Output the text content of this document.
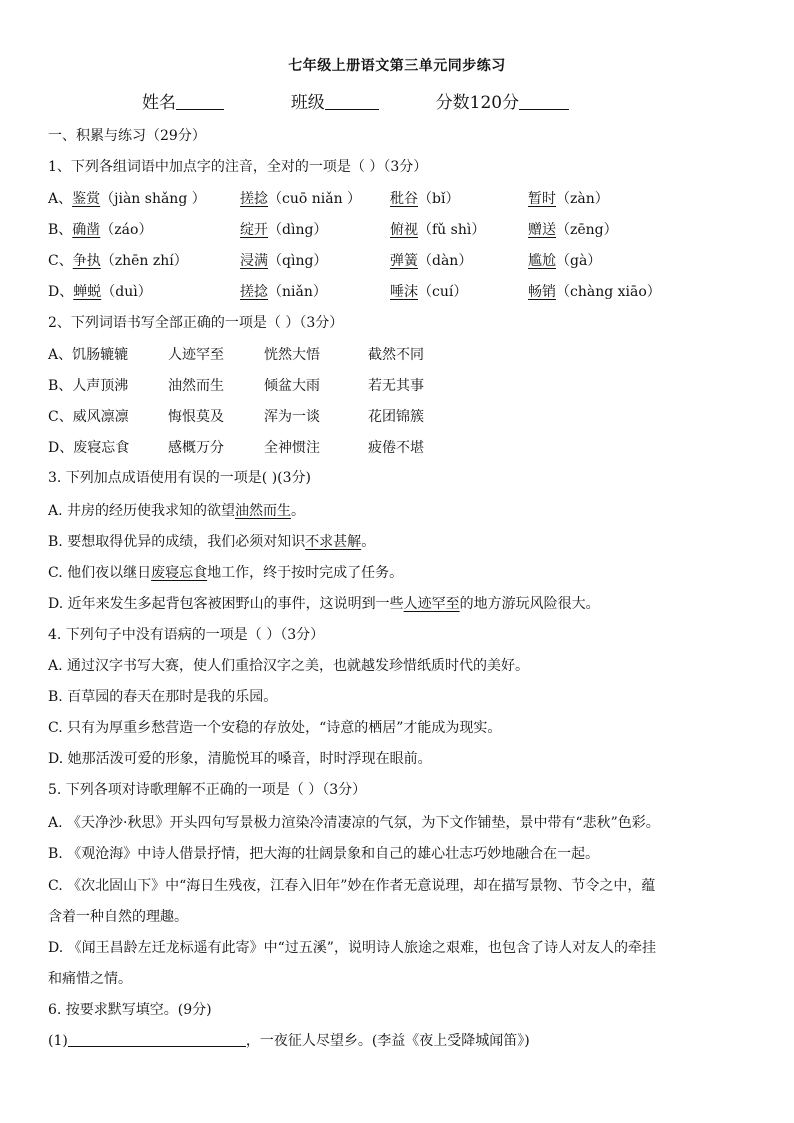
七年级上册语文第三单元同步练习
姓名	班级	分数120分
一、积累与练习（29分）
1、下列各组词语中加点字的注音，全对的一项是（ ）（3分）
A、鉴赏（jiàn shǎng ） 搓捻（cuō niǎn ） 秕谷（bǐ）	暂时（zàn）
B、确凿（záo）	绽开（dìng）	俯视（fǔ shì）	赠送（zēng）
C、争执（zhēn zhí）	浸满（qìng）	弹簧（dàn）	尴尬（gà）
D、蝉蜕（duì）	搓捻（niǎn）	唾沫（cuí）	畅销（chàng xiāo）
2、下列词语书写全部正确的一项是（ ）（3分）
A、饥肠辘辘	人迹罕至	恍然大悟	截然不同
B、人声顶沸	油然而生	倾盆大雨	若无其事
C、威风凛凛	悔恨莫及	浑为一谈	花团锦簇
D、废寝忘食	感概万分	全神惯注	疲倦不堪
3. 下列加点成语使用有误的一项是( )(3分)
A. 井房的经历使我求知的欲望油然而生。
B. 要想取得优异的成绩，我们必须对知识不求甚解。
C. 他们夜以继日废寝忘食地工作，终于按时完成了任务。
D. 近年来发生多起背包客被困野山的事件，这说明到一些人迹罕至的地方游玩风险很大。
4. 下列句子中没有语病的一项是（ ）（3分）
A. 通过汉字书写大赛，使人们重拾汉字之美，也就越发珍惜纸质时代的美好。
B. 百草园的春天在那时是我的乐园。
C. 只有为厚重乡愁营造一个安稳的存放处，“诗意的栖居”才能成为现实。
D. 她那活泼可爱的形象，清脆悦耳的嗓音，时时浮现在眼前。
5. 下列各项对诗歌理解不正确的一项是（ ）（3分）
A. 《天净沙·秋思》开头四句写景极力渲染冷清凄凉的气氛，为下文作铺垫，景中带有“悲秋”色彩。
B. 《观沧海》中诗人借景抒情，把大海的壮阔景象和自己的雄心壮志巧妙地融合在一起。
C. 《次北固山下》中“海日生残夜，江春入旧年”妙在作者无意说理，却在描写景物、节令之中，蕴
含着一种自然的理趣。
D. 《闻王昌龄左迁龙标遥有此寄》中“过五溪”，说明诗人旅途之艰难，也包含了诗人对友人的牵挂
和痛惜之情。
6. 按要求默写填空。(9分)
(1)	，一夜征人尽望乡。(李益《夜上受降城闻笛》)
